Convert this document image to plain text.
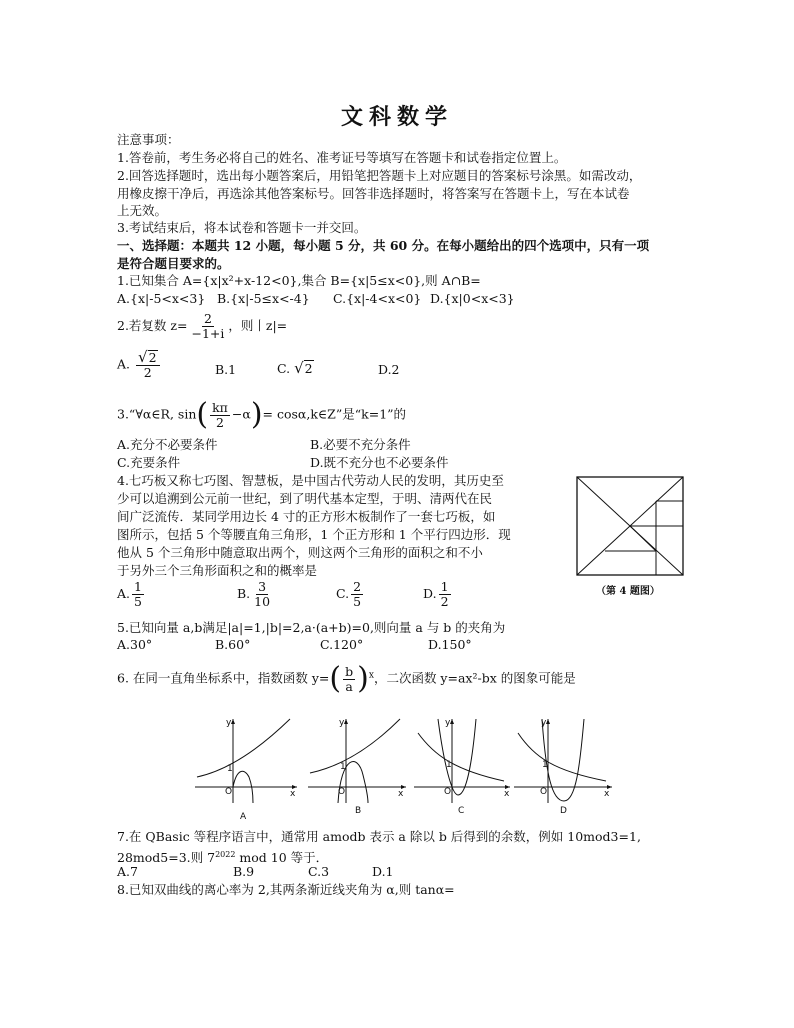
文科数学
注意事项：
1.答卷前，考生务必将自己的姓名、准考证号等填写在答题卡和试卷指定位置上。
2.回答选择题时，选出每小题答案后，用铅笔把答题卡上对应题目的答案标号涂黑。如需改动，
用橡皮擦干净后，再选涂其他答案标号。回答非选择题时，将答案写在答题卡上，写在本试卷
上无效。
3.考试结束后，将本试卷和答题卡一并交回。
一、选择题：本题共 12 小题，每小题 5 分，共 60 分。在每小题给出的四个选项中，只有一项
是符合题目要求的。
1.已知集合 A={x|x²+x-12<0},集合 B={x|5≤x<0},则 A∩B=
A.{x|-5<x<3} B.{x|-5≤x<-4} C.{x|-4<x<0} D.{x|0<x<3}
2.若复数 $z= \frac{2}{-1+i}$ ，则丨z|=
A. $\frac{√ 2}{2}$	B.1	C. √ 2	D.2
3.“∀α∈R, $\sin( \frac{k\pi}{2} -\alpha)=$ cosα,k∈Z”是“k=1”的
A.充分不必要条件	B.必要不充分条件
C.充要条件	D.既不充分也不必要条件
4.七巧板又称七巧图、智慧板，是中国古代劳动人民的发明，其历史至
少可以追溯到公元前一世纪，到了明代基本定型，于明、清两代在民
间广泛流传．某同学用边长 4 寸的正方形木板制作了一套七巧板，如
图所示，包括 5 个等腰直角三角形，1 个正方形和 1 个平行四边形．现
他从 5 个三角形中随意取出两个，则这两个三角形的面积之和不小
于另外三个三角形面积之和的概率是
（第 4 题图）
A. $\frac{1}{5}$	B. $\frac{3}{10}$	C. $\frac{2}{5}$	D. $\frac{1}{2}$
5.已知向量 a,b满足|a|=1,|b|=2,a·(a+b)=0,则向量 a 与 b 的夹角为
A.30°	B.60°	C.120°	D.150°
6. 在同一直角坐标系中，指数函数 $y=( \frac{b}{a} )^x$，二次函数 y=ax²-bx 的图象可能是
y
x
O
1
A
y
x
O
1
B
y
x
O
1
C
y
x
O
1
D
7.在 QBasic 等程序语言中，通常用 amodb 表示 a 除以 b 后得到的余数，例如 10mod3=1,
28mod5=3.则 $7^{2022}$ mod 10 等于．
A.7	B.9	C.3	D.1
8.已知双曲线的离心率为 2,其两条渐近线夹角为 α,则 tanα=
